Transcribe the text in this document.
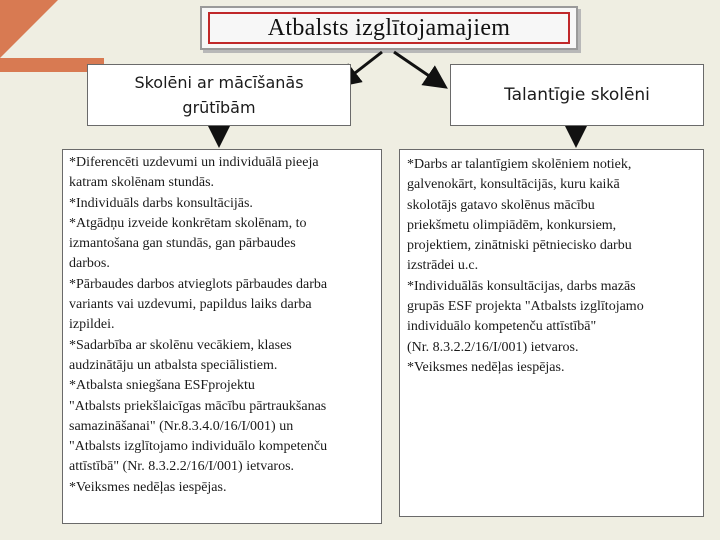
Atbalsts izglītojamajiem
Skolēni ar mācīšanās
grūtībām
Talantīgie skolēni
*Diferencēti uzdevumi un individuālā pieeja
katram skolēnam stundās.
*Individuāls darbs konsultācijās.
*Atgādņu izveide konkrētam skolēnam, to
izmantošana gan stundās, gan pārbaudes
darbos.
*Pārbaudes darbos atvieglots pārbaudes darba
variants vai uzdevumi, papildus laiks darba
izpildei.
*Sadarbība ar skolēnu vecākiem, klases
audzinātāju un atbalsta speciālistiem.
*Atbalsta sniegšana ESFprojektu
"Atbalsts priekšlaicīgas mācību pārtraukšanas
samazināšanai" (Nr.8.3.4.0/16/I/001) un
"Atbalsts izglītojamo individuālo kompetenču
attīstībā" (Nr. 8.3.2.2/16/I/001) ietvaros.
*Veiksmes nedēļas iespējas.
*Darbs ar talantīgiem skolēniem notiek,
galvenokārt, konsultācijās, kuru kaikā
skolotājs gatavo skolēnus mācību
priekšmetu olimpiādēm, konkursiem,
projektiem, zinātniski pētniecisko darbu
izstrādei u.c.
*Individuālās konsultācijas, darbs mazās
grupās ESF projekta "Atbalsts izglītojamo
individuālo kompetenču attīstībā"
(Nr. 8.3.2.2/16/I/001) ietvaros.
*Veiksmes nedēļas iespējas.
